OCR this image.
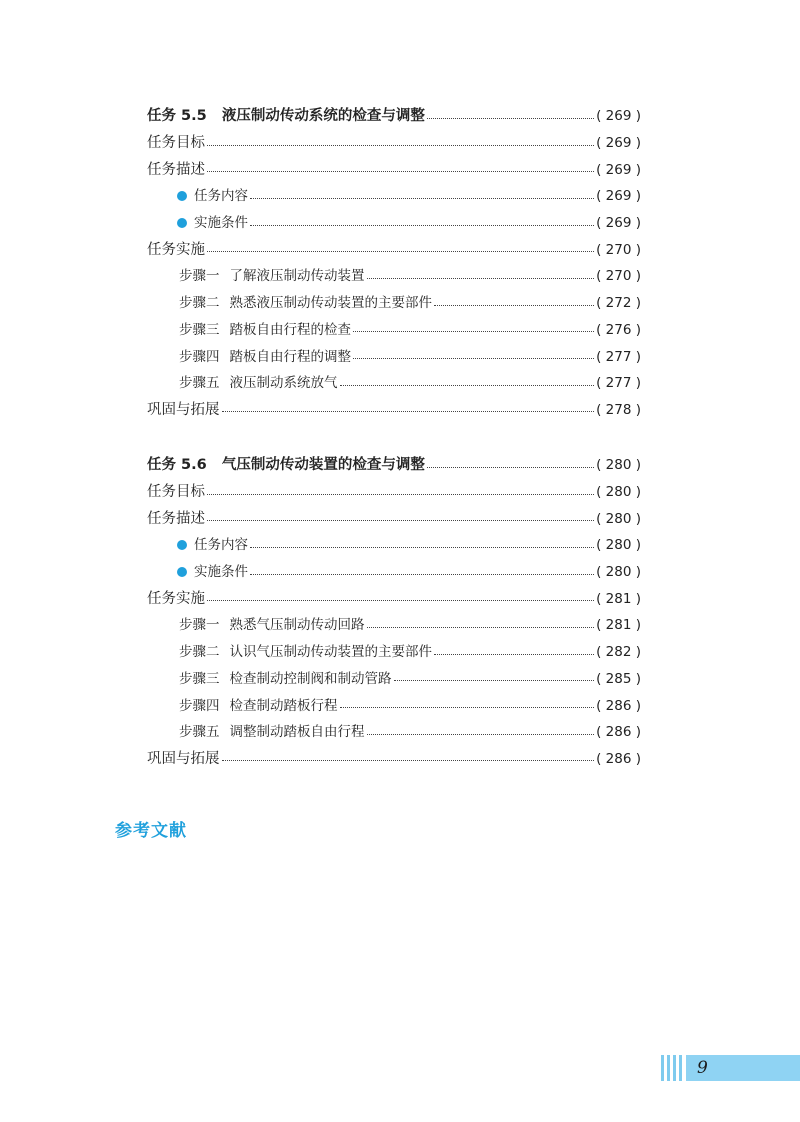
任务 5.5 液压制动传动系统的检查与调整	( 269 )
任务目标	( 269 )
任务描述	( 269 )
任务内容	( 269 )
实施条件	( 269 )
任务实施	( 270 )
步骤一 了解液压制动传动装置	( 270 )
步骤二 熟悉液压制动传动装置的主要部件	( 272 )
步骤三 踏板自由行程的检查	( 276 )
步骤四 踏板自由行程的调整	( 277 )
步骤五 液压制动系统放气	( 277 )
巩固与拓展	( 278 )
任务 5.6 气压制动传动装置的检查与调整	( 280 )
任务目标	( 280 )
任务描述	( 280 )
任务内容	( 280 )
实施条件	( 280 )
任务实施	( 281 )
步骤一 熟悉气压制动传动回路	( 281 )
步骤二 认识气压制动传动装置的主要部件	( 282 )
步骤三 检查制动控制阀和制动管路	( 285 )
步骤四 检查制动踏板行程	( 286 )
步骤五 调整制动踏板自由行程	( 286 )
巩固与拓展	( 286 )
参考文献
9
